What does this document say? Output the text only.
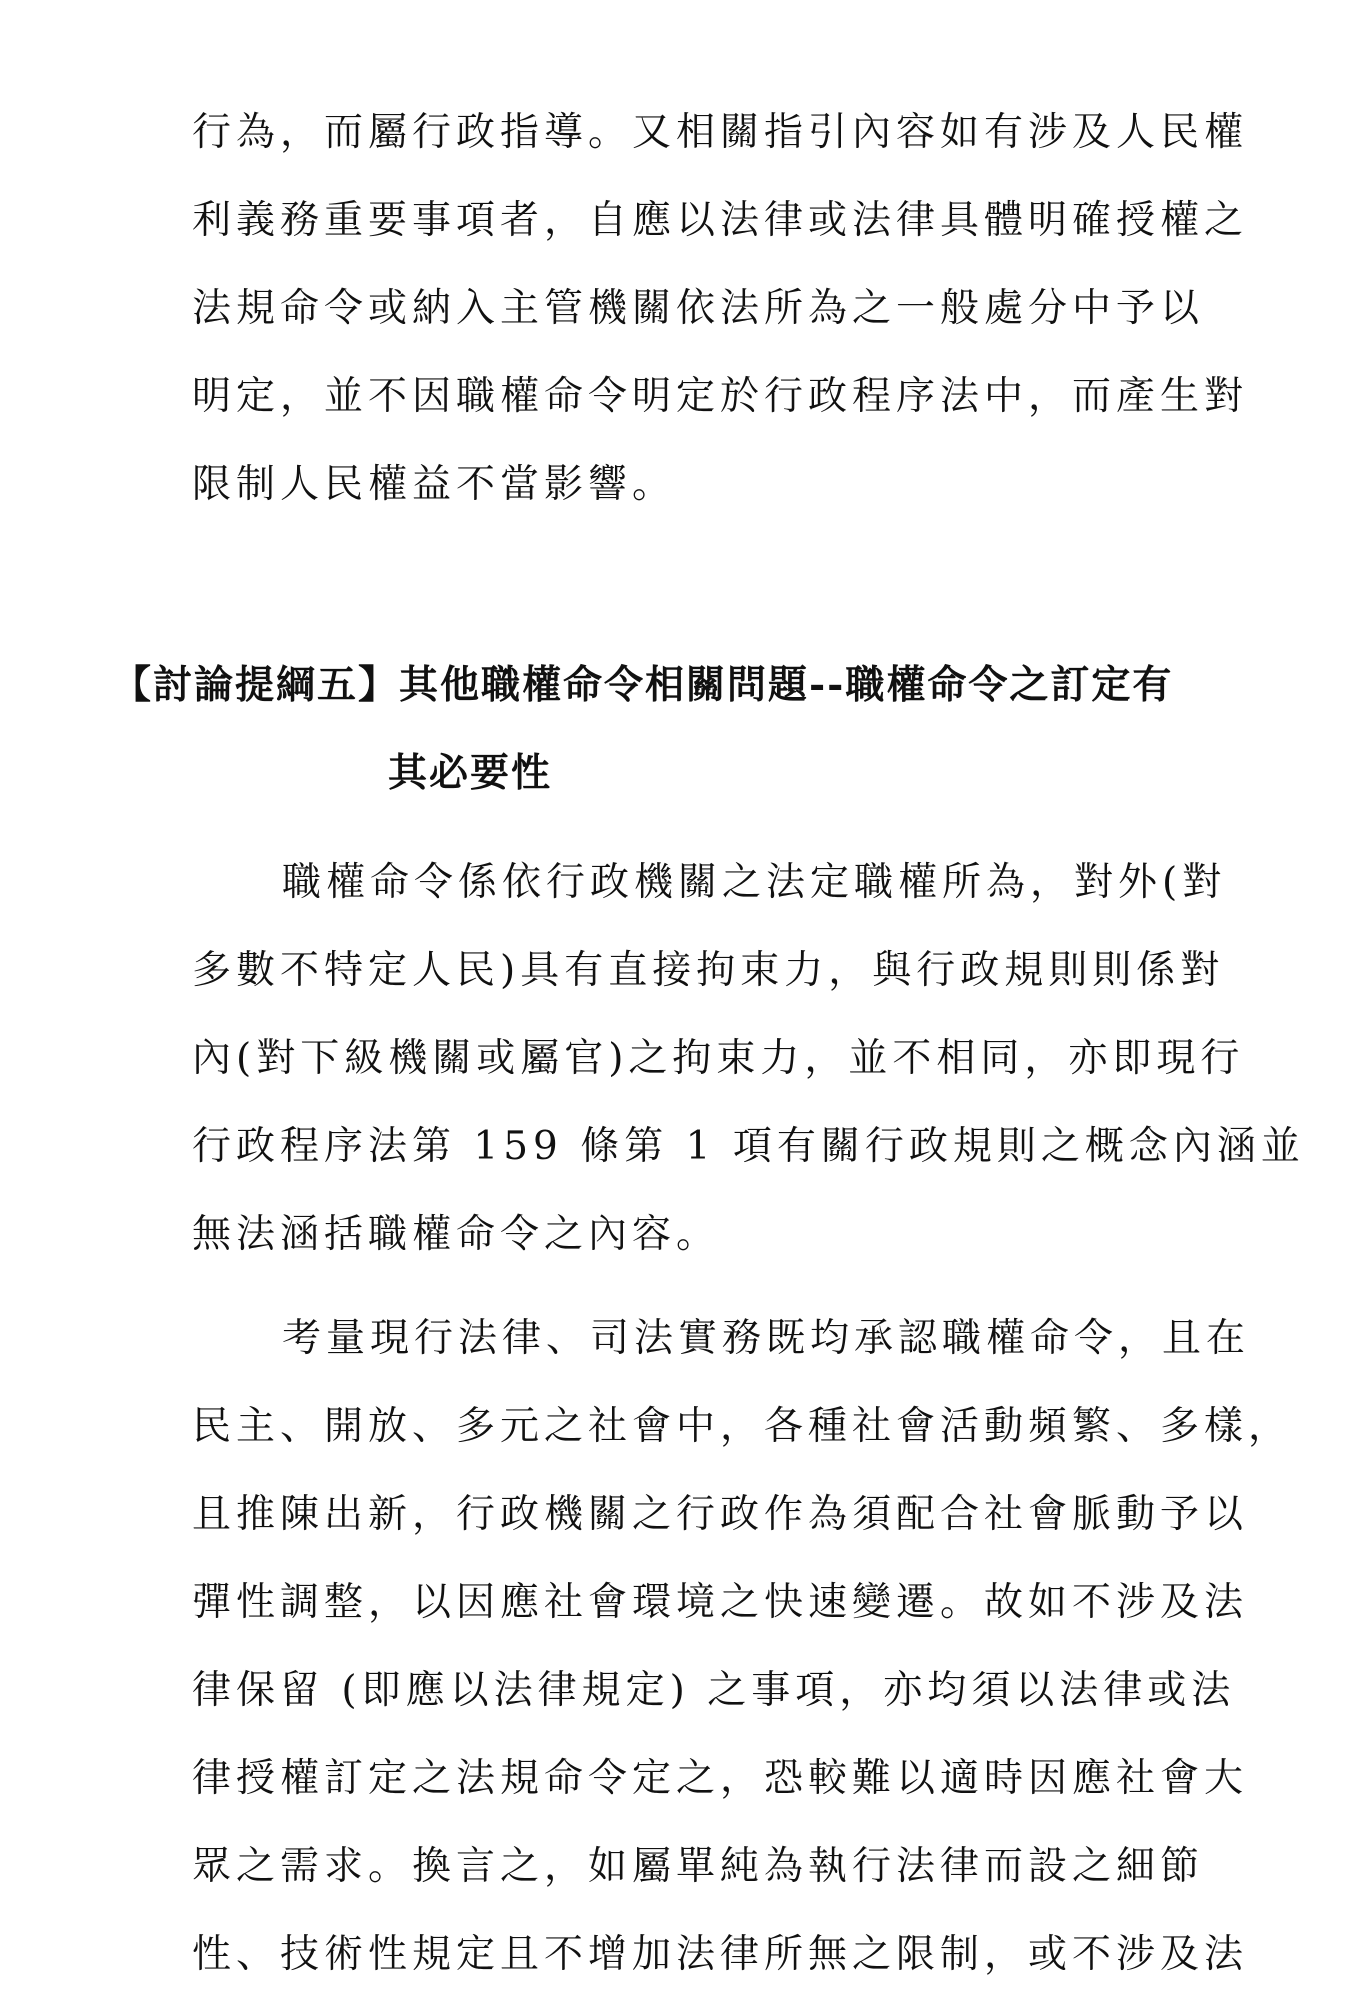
行為，而屬行政指導。又相關指引內容如有涉及人民權
利義務重要事項者，自應以法律或法律具體明確授權之
法規命令或納入主管機關依法所為之一般處分中予以
明定，並不因職權命令明定於行政程序法中，而產生對
限制人民權益不當影響。
【討論提綱五】其他職權命令相關問題--職權命令之訂定有
其必要性
職權命令係依行政機關之法定職權所為，對外(對
多數不特定人民)具有直接拘束力，與行政規則則係對
內(對下級機關或屬官)之拘束力，並不相同，亦即現行
行政程序法第 159 條第 1 項有關行政規則之概念內涵並
無法涵括職權命令之內容。
考量現行法律、司法實務既均承認職權命令，且在
民主、開放、多元之社會中，各種社會活動頻繁、多樣，
且推陳出新，行政機關之行政作為須配合社會脈動予以
彈性調整，以因應社會環境之快速變遷。故如不涉及法
律保留 (即應以法律規定) 之事項，亦均須以法律或法
律授權訂定之法規命令定之，恐較難以適時因應社會大
眾之需求。換言之，如屬單純為執行法律而設之細節
性、技術性規定且不增加法律所無之限制，或不涉及法
